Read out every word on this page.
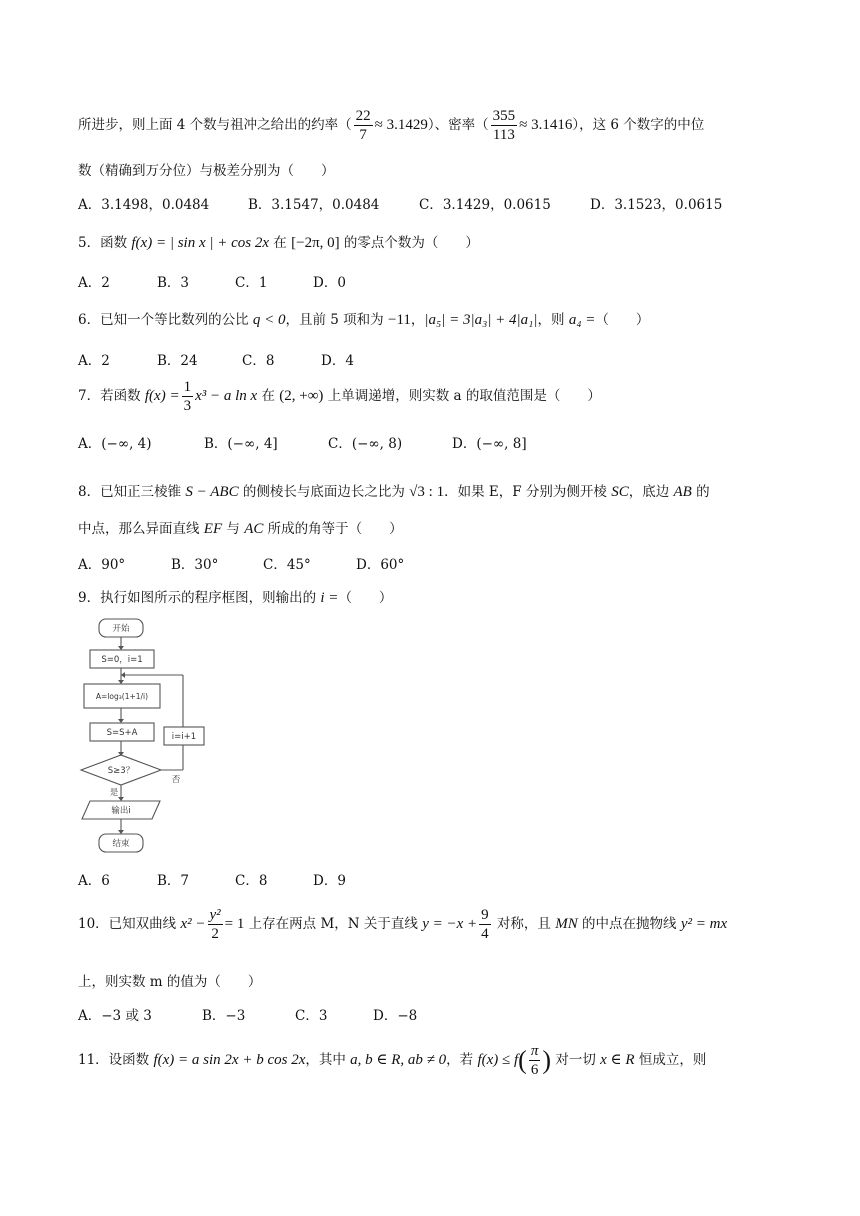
所进步，则上面 4 个数与祖冲之给出的约率（ $\frac{22}{7} \approx 3.1429$）、密率（ $\frac{355}{113} \approx 3.1416$），这 6 个数字的中位
数（精确到万分位）与极差分别为（　　）
A．3.1498，0.0484	B．3.1547，0.0484	C．3.1429，0.0615	D．3.1523，0.0615
5．函数 f(x) = | sin x | + cos 2x 在 [−2π, 0] 的零点个数为（　　）
A．2	B．3	C．1	D．0
6．已知一个等比数列的公比 q < 0，且前 5 项和为 −11，|a₅| = 3|a₃| + 4|a₁|，则 a₄ =（　　）
A．2	B．24	C．8	D．4
7．若函数 $f(x) = \frac{1}{3} x^3 - a$ ln x 在 (2, +∞) 上单调递增，则实数 a 的取值范围是（　　）
A．(−∞, 4)	B．(−∞, 4]	C．(−∞, 8)	D．(−∞, 8]
8．已知正三棱锥 S − ABC 的侧棱长与底面边长之比为 √3 : 1．如果 E，F 分别为侧开棱 SC，底边 AB 的
中点，那么异面直线 EF 与 AC 所成的角等于（　　）
A．90°	B．30°	C．45°	D．60°
9．执行如图所示的程序框图，则输出的 i =（　　）
开始
S=0，i=1
A=log₃(1+1/i)
S=S+A
S≥3？
i=i+1
否
是
输出i
结束
A．6	B．7	C．8	D．9
10．已知双曲线 $x^2 - \frac{\text{y²}}{2} = 1$ 上存在两点 M，N 关于直线 $y = -x + \frac{9}{4}$ 对称，且 MN 的中点在抛物线 y² = mx
上，则实数 m 的值为（　　）
A．−3 或 3	B．−3	C．3	D．−8
11．设函数 f(x) = a sin 2x + b cos 2x，其中 a, b ∈ R, ab ≠ 0，若 $f(x) \le f( \frac{\pi}{6}$ ) 对一切 x ∈ R 恒成立，则
